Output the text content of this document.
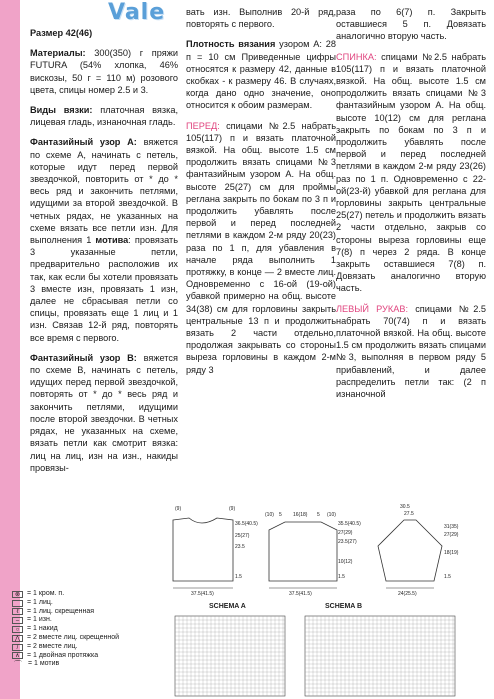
Vale

Размер 42(46)

Материалы: 300(350) г пряжи FUTURA (54% хлопка, 46% вискозы, 50 г = 110 м) розового цвета, спицы номер 2.5 и 3.

Виды вязки: платочная вязка, лицевая гладь, изнаночная гладь.

Фантазийный узор A: вяжется по схеме А, начинать с петель, которые идут перед первой звездочкой, повторить от * до * весь ряд и закончить петлями, идущими за второй звездочкой. В четных рядах, не указанных на схеме вязать все петли изн. Для выполнения 1 мотива: провязать 3 указанные петли, предварительно расположив их так, как если бы хотели провязать 3 вместе изн, провязать 1 изн, далее не сбрасывая петли со спицы, провязать еще 1 лиц и 1 изн. Связав 12-й ряд, повторять все время с первого.

Фантазийный узор B: вяжется по схеме В, начинать с петель, идущих перед первой звездочкой, повторять от * до * весь ряд и закончить петлями, идущими после второй звездочки. В четных рядах, не указанных на схеме, вязать петли как смотрит вязка: лиц на лиц, изн на изн., накиды провязы-

вать изн. Выполнив 20-й ряд, повторять с первого.

Плотность вязания узором А: 28 п = 10 см Приведенные цифры относятся к размеру 42, данные в скобках - к размеру 46. В случаях, когда дано одно значение, оно относится к обоим размерам.

ПЕРЕД: спицами №2.5 набрать 105(117) п и вязать платочной вязкой. На общ. высоте 1.5 см продолжить вязать спицами №3 фантазийным узором А. На общ. высоте 25(27) см для проймы реглана закрыть по бокам по 3 п и продолжить убавлять после первой и перед последней петлями в каждом 2-м ряду 20(23) раза по 1 п, для убавления в начале ряда выполнить 1 протяжку, в конце — 2 вместе лиц. Одновременно с 16-ой (19-ой) убавкой примерно на общ. высоте 34(38) см для горловины закрыть центральные 13 п и продолжить вязать 2 части отдельно, продолжая закрывать со стороны выреза горловины в каждом 2-м ряду 3

раза по 6(7) п. Закрыть оставшиеся 5 п. Довязать аналогично вторую часть.

СПИНКА: спицами №2.5 набрать 105(117) п и вязать платочной вязкой. На общ. высоте 1.5 см продолжить вязать спицами №3 фантазийным узором А. На общ. высоте 10(12) см для реглана закрыть по бокам по 3 п и продолжить убавлять после первой и перед последней петлями в каждом 2-м ряду 23(26) раз по 1 п. Одновременно с 22-ой(23-й) убавкой для реглана для горловины закрыть центральные 25(27) петель и продолжить вязать 2 части отдельно, закрыв со стороны выреза горловины еще 7(8) п через 2 ряда. В конце закрыть оставшиеся 7(8) п. Довязать аналогично вторую часть.

ЛЕВЫЙ РУКАВ: спицами №2.5 набрать 70(74) п и вязать платочной вязкой. На общ. высоте 1.5 см продолжить вязать спицами №3, выполняя в первом ряду 5 прибавлений, и далее распределить петли так: (2 п изнаночной

⊗ = 1 кром. п.
= 1 лиц.
ℓ	= 1 лиц. скрещенная
–	= 1 изн.
○	= 1 накид
⋀	= 2 вместе лиц. скрещенной
/	= 2 вместе лиц.
∧	= 1 двойная протяжка
⌒ = 1 мотив
(9)	(9)
36.5(40.5)
25(27)
23.5
1.5
37.5(41.5)
(10) 5 16(18) 5 (10)
35.5(40.5)
27(29)
23.5(27)
10(12)
1.5
37.5(41.5)
30.5
27.5
31(35)
27(29)
18(19)
1.5
24(25.5)
SCHEMA A	SCHEMA B
